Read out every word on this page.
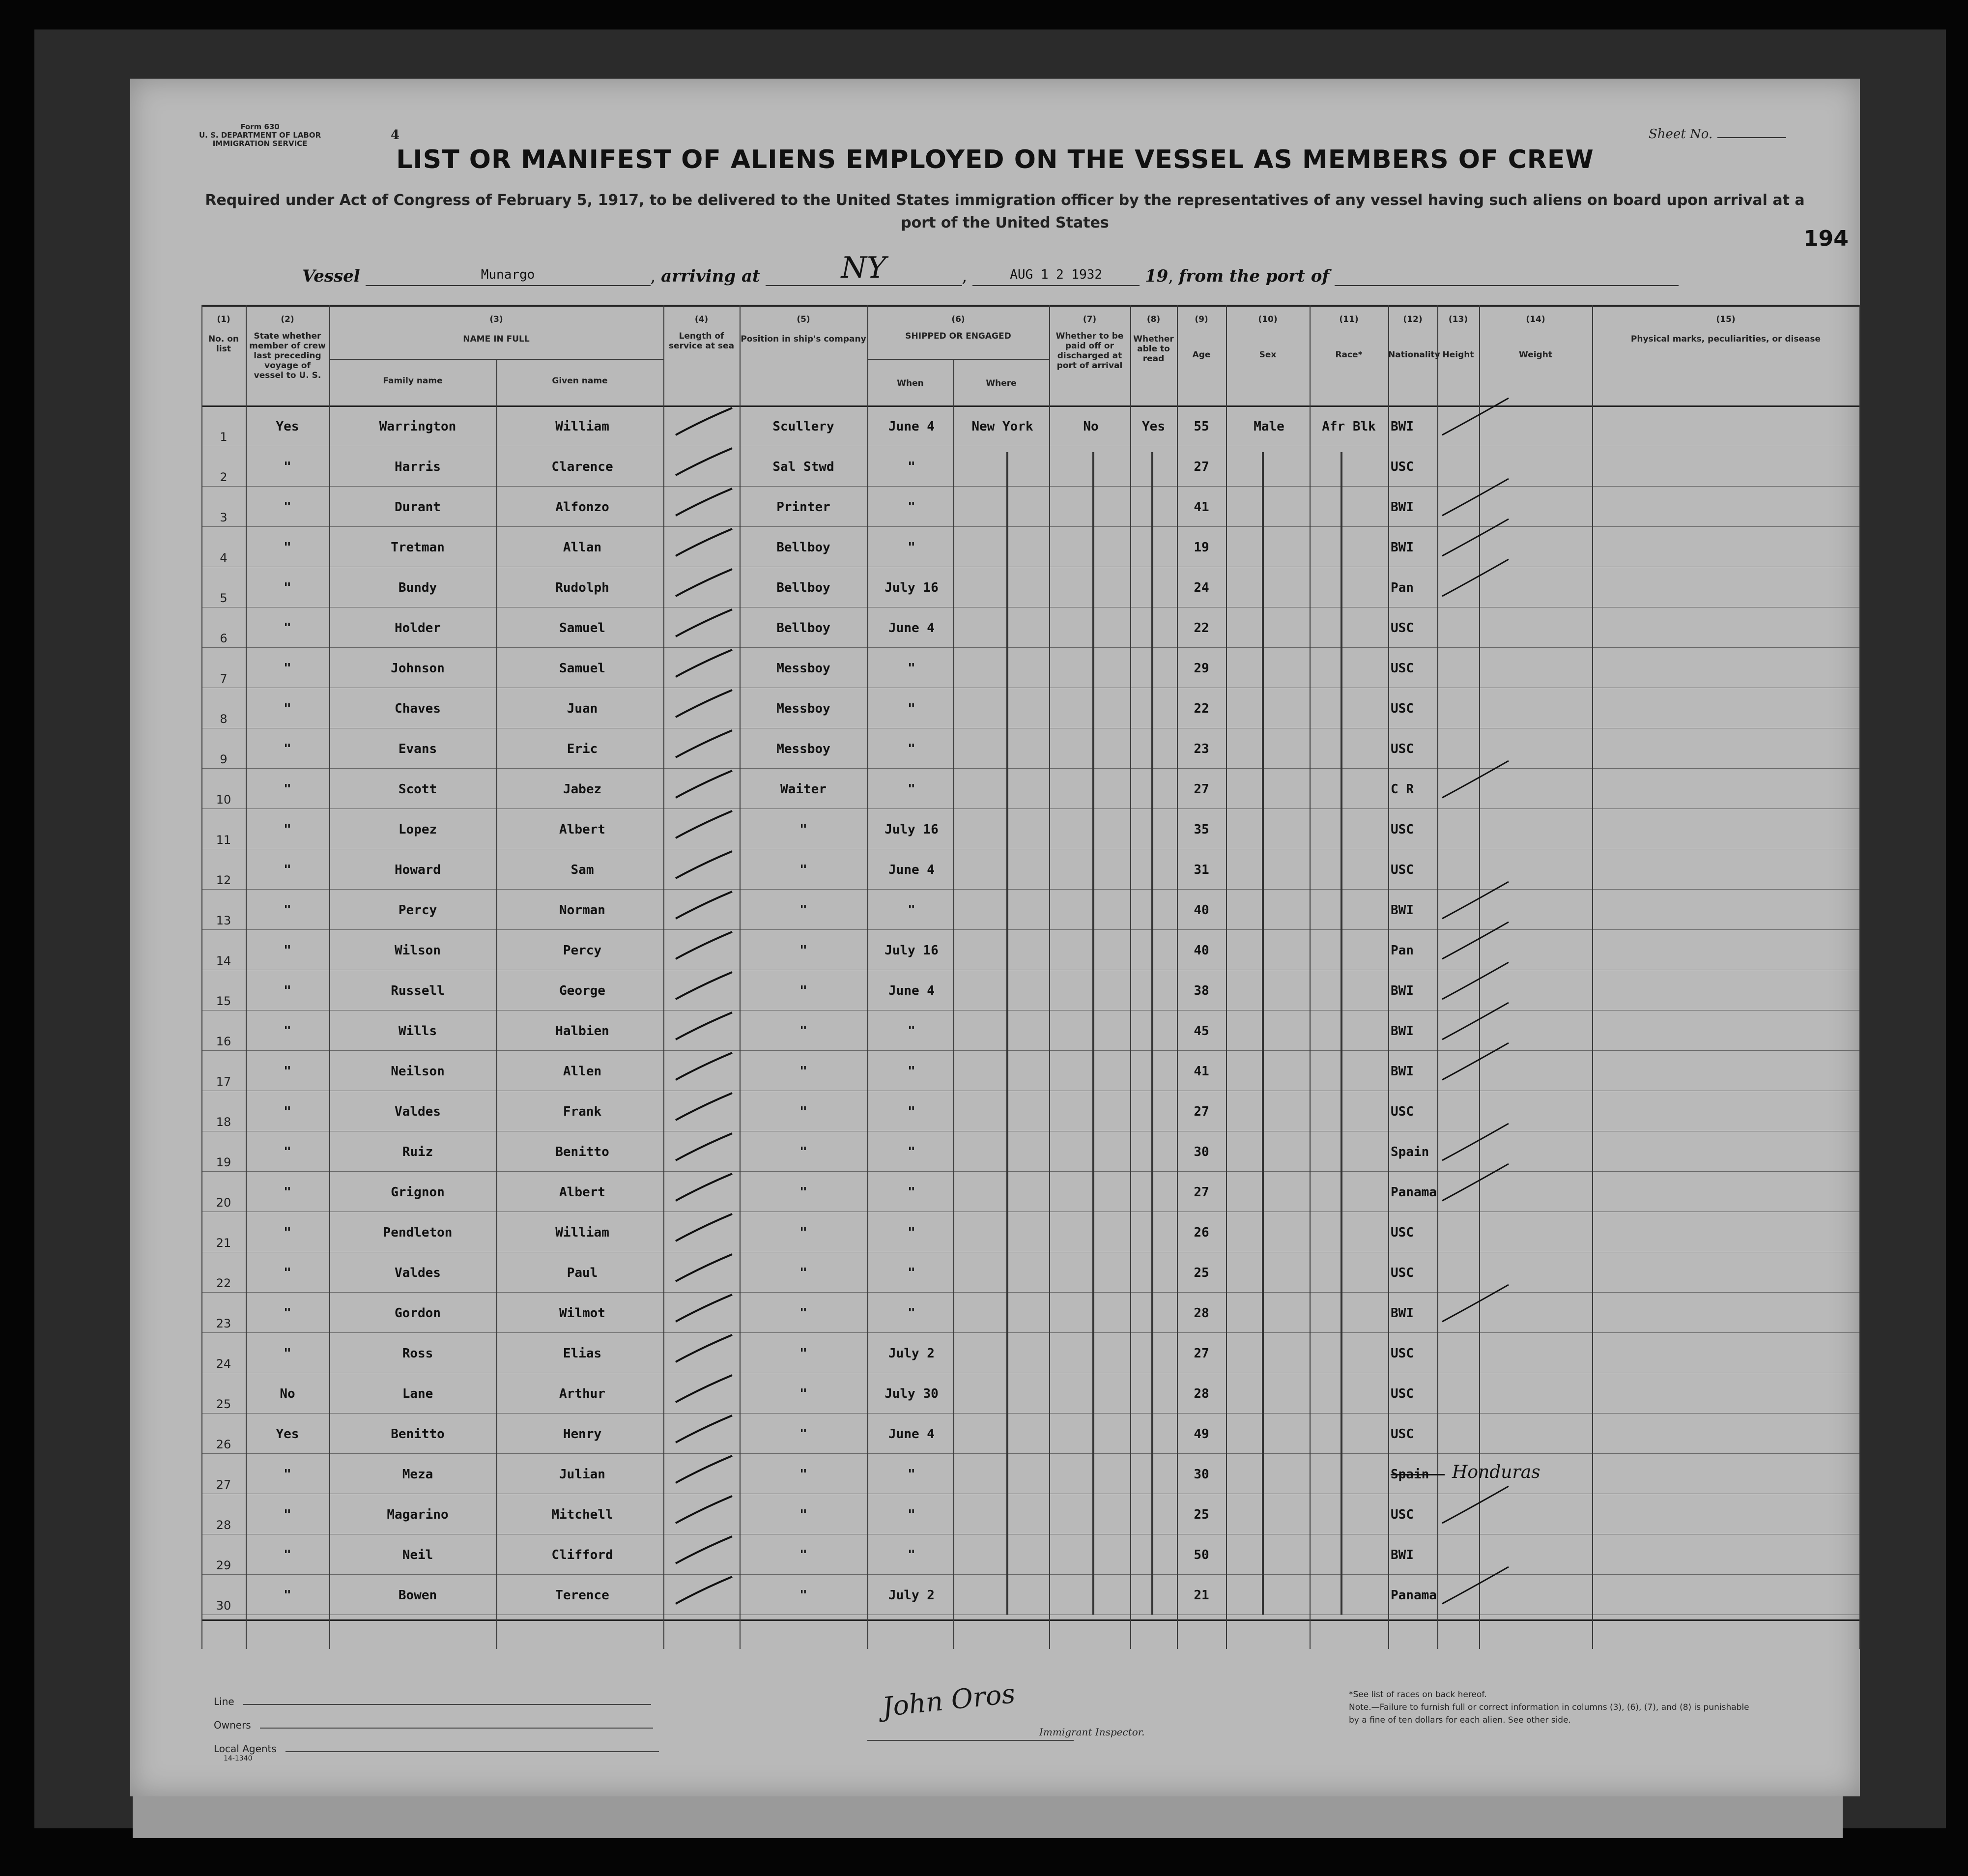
Form 630
U. S. DEPARTMENT OF LABOR
IMMIGRATION SERVICE
4	Sheet No.
LIST OR MANIFEST OF ALIENS EMPLOYED ON THE VESSEL AS MEMBERS OF CREW
Required under Act of Congress of February 5, 1917, to be delivered to the United States immigration officer by the representatives of any vessel having such aliens on board upon arrival at a port of the United States
194
Vessel	Munargo	, arriving at	NY	,	AUG 1 2 1932	19, from the port of
(1)
No. on list
(2)
State whether member of crew last preceding voyage of vessel to U. S.
(3)
NAME IN FULL
Family name	Given name
(4)
Length of service at sea
(5)
Position in ship's company
(6)
SHIPPED OR ENGAGED
When	Where
(7)
Whether to be paid off or discharged at port of arrival
(8)
Whether able to read
(9)
Age
(10)
Sex
(11)
Race*
(12)
Nationality
(13)
Height
(14)
Weight
(15)
Physical marks, peculiarities, or disease
1
Yes	Warrington	William	Scullery	June 4	New York	No	Yes	55	Male	Afr Blk	BWI
2
"	Harris	Clarence	Sal Stwd	"	27	USC
3
"	Durant	Alfonzo	Printer	"	41	BWI
4
"	Tretman	Allan	Bellboy	"	19	BWI
5
"	Bundy	Rudolph	Bellboy	July 16	24	Pan
6
"	Holder	Samuel	Bellboy	June 4	22	USC
7
"	Johnson	Samuel	Messboy	"	29	USC
8
"	Chaves	Juan	Messboy	"	22	USC
9
"	Evans	Eric	Messboy	"	23	USC
10
"	Scott	Jabez	Waiter	"	27	C R
11
"	Lopez	Albert	"	July 16	35	USC
12
"	Howard	Sam	"	June 4	31	USC
13
"	Percy	Norman	"	"	40	BWI
14
"	Wilson	Percy	"	July 16	40	Pan
15
"	Russell	George	"	June 4	38	BWI
16
"	Wills	Halbien	"	"	45	BWI
17
"	Neilson	Allen	"	"	41	BWI
18
"	Valdes	Frank	"	"	27	USC
19
"	Ruiz	Benitto	"	"	30	Spain
20
"	Grignon	Albert	"	"	27	Panama
21
"	Pendleton	William	"	"	26	USC
22
"	Valdes	Paul	"	"	25	USC
23
"	Gordon	Wilmot	"	"	28	BWI
24
"	Ross	Elias	"	July 2	27	USC
25
No	Lane	Arthur	"	July 30	28	USC
26
Yes	Benitto	Henry	"	June 4	49	USC
27
"	Meza	Julian	"	"	30	Spain
28
"	Magarino	Mitchell	"	"	25	USC
29
"	Neil	Clifford	"	"	50	BWI
30
"	Bowen	Terence	"	July 2	21	Panama
Honduras
Line
Owners
Local Agents
14-1340
John Oros
Immigrant Inspector.
*See list of races on back hereof.
Note.—Failure to furnish full or correct information in columns (3), (6), (7), and (8) is punishable by a fine of ten dollars for each alien. See other side.
